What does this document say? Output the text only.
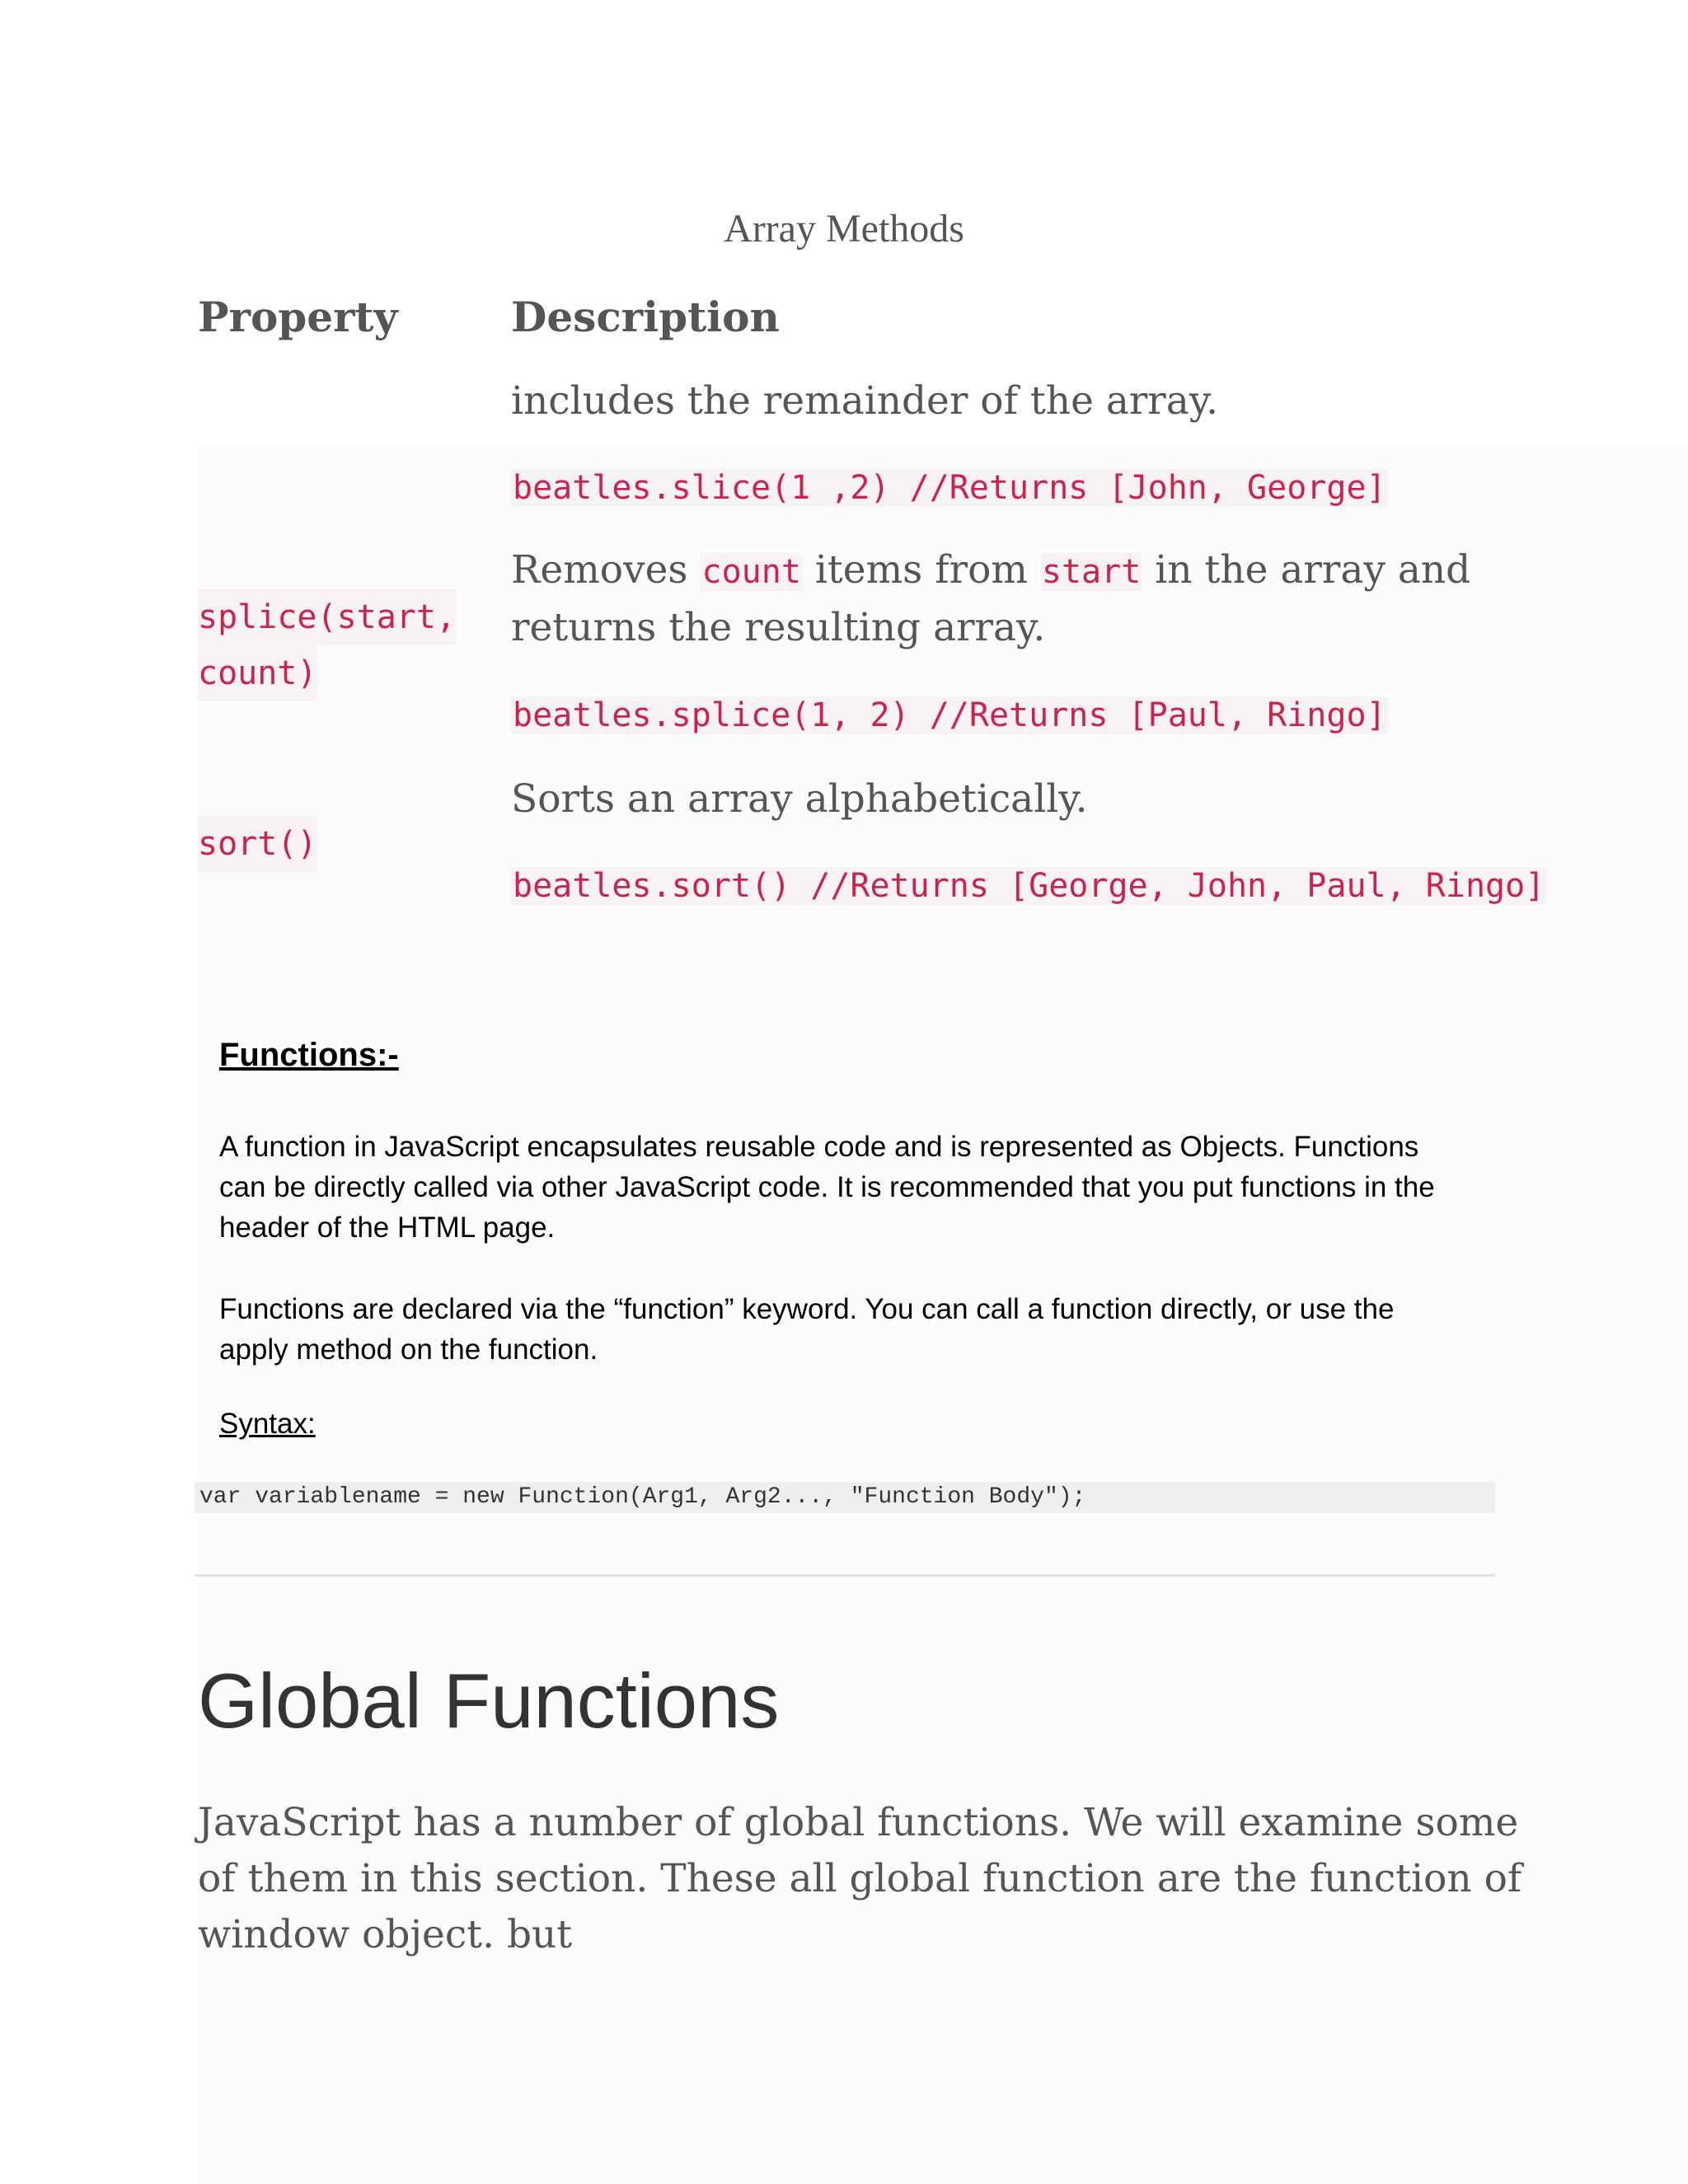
Array Methods
Property	Description
includes the remainder of the array.
beatles.slice(1 ,2) //Returns [John, George]
splice(start,
count)
Removes count items from start in the array and returns the resulting array.
beatles.splice(1, 2) //Returns [Paul, Ringo]
sort()
Sorts an array alphabetically.
beatles.sort() //Returns [George, John, Paul, Ringo]
Functions:-
A function in JavaScript encapsulates reusable code and is represented as Objects. Functions can be directly called via other JavaScript code. It is recommended that you put functions in the header of the HTML page.
Functions are declared via the “function” keyword. You can call a function directly, or use the apply method on the function.
Syntax:
var variablename = new Function(Arg1, Arg2..., "Function Body");
Global Functions
JavaScript has a number of global functions. We will examine some of them in this section. These all global function are the function of window object. but
